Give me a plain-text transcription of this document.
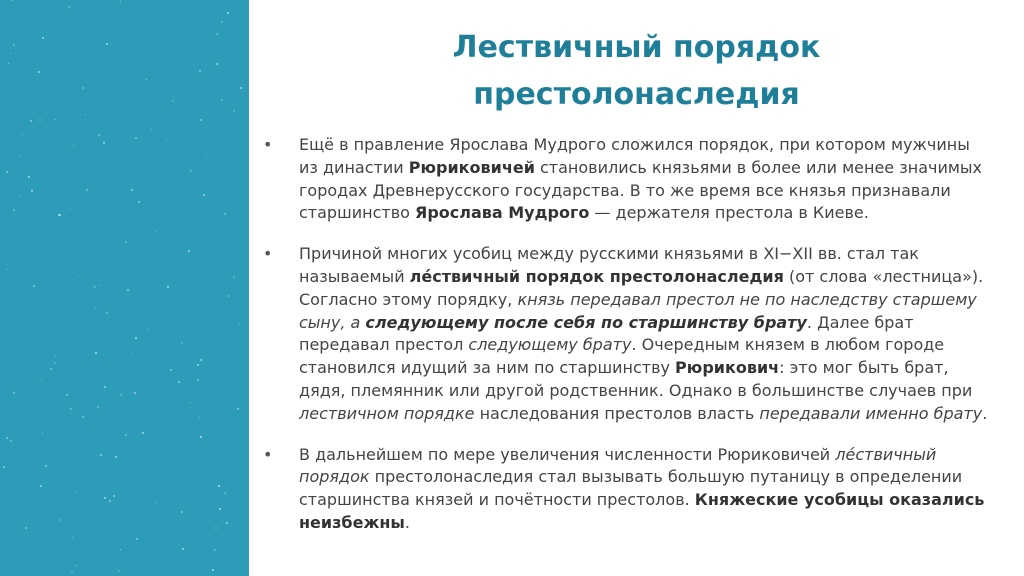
Лествичный порядок
престолонаследия
• Ещё в правление Ярослава Мудрого сложился порядок, при котором мужчины из династии Рюриковичей становились князьями в более или менее значимых городах Древнерусского государства. В то же время все князья признавали старшинство Ярослава Мудрого — держателя престола в Киеве.
• Причиной многих усобиц между русскими князьями в XI−XII вв. стал так называемый ле́ствичный порядок престолонаследия (от слова «лестница»). Согласно этому порядку, князь передавал престол не по наследству старшему сыну, а следующему после себя по старшинству брату. Далее брат передавал престол следующему брату. Очередным князем в любом городе становился идущий за ним по старшинству Рюрикович: это мог быть брат, дядя, племянник или другой родственник. Однако в большинстве случаев при лествичном порядке наследования престолов власть передавали именно брату.
• В дальнейшем по мере увеличения численности Рюриковичей ле́ствичный порядок престолонаследия стал вызывать большую путаницу в определении старшинства князей и почётности престолов. Княжеские усобицы оказались неизбежны.
